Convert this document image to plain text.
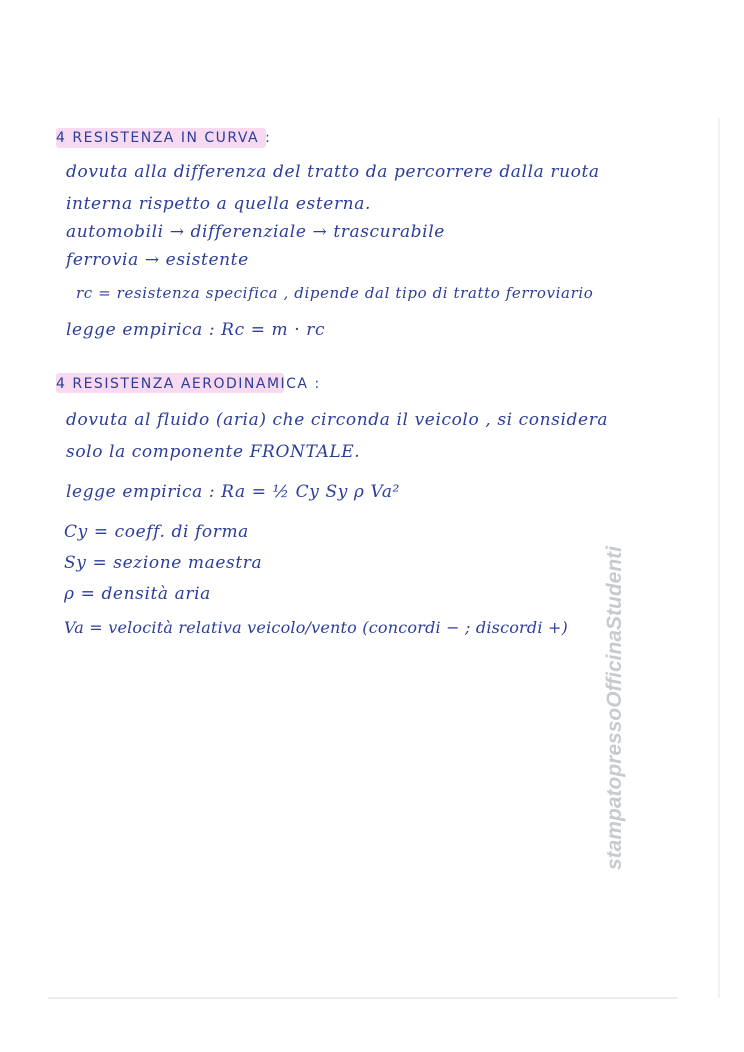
4 RESISTENZA IN CURVA :
dovuta alla differenza del tratto da percorrere dalla ruota
interna rispetto a quella esterna.
automobili → differenziale → trascurabile
ferrovia → esistente
rc = resistenza specifica , dipende dal tipo di tratto ferroviario
legge empirica : Rc = m · rc
4 RESISTENZA AERODINAMICA :
dovuta al fluido (aria) che circonda il veicolo , si considera
solo la componente FRONTALE.
legge empirica : Ra = ½ Cy Sy ρ Va²
Cy = coeff. di forma
Sy = sezione maestra
ρ = densità aria
Va = velocità relativa veicolo/vento (concordi − ; discordi +) stampatopressoOfficinaStudenti
